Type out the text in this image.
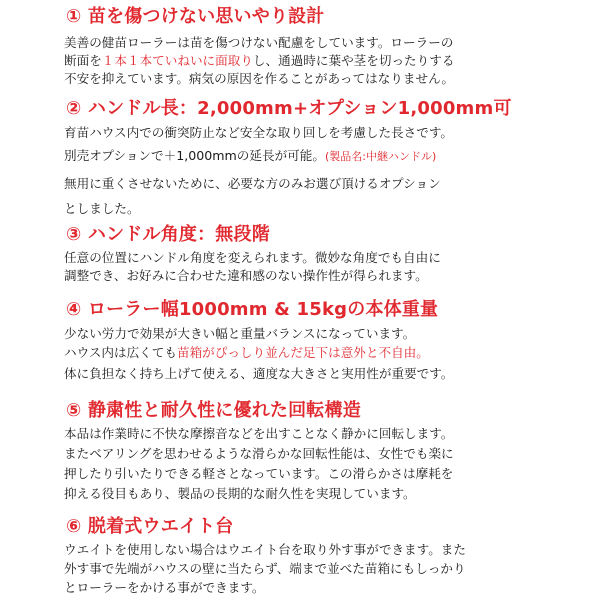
① 苗を傷つけない思いやり設計
美善の健苗ローラーは苗を傷つけない配慮をしています。ローラーの
断面を１本１本ていねいに面取りし、通過時に葉や茎を切ったりする
不安を抑えています。病気の原因を作ることがあってはなりません。
② ハンドル長：2,000mm+オプション1,000mm可
育苗ハウス内での衝突防止など安全な取り回しを考慮した長さです。
別売オプションで＋1,000mmの延長が可能。(製品名:中継ハンドル)
無用に重くさせないために、必要な方のみお選び頂けるオプション
としました。
③ ハンドル角度：無段階
任意の位置にハンドル角度を変えられます。微妙な角度でも自由に
調整でき、お好みに合わせた違和感のない操作性が得られます。
④ ローラー幅1000mm & 15kgの本体重量
少ない労力で効果が大きい幅と重量バランスになっています。
ハウス内は広くても苗箱がぴっしり並んだ足下は意外と不自由。
体に負担なく持ち上げて使える、適度な大きさと実用性が重要です。
⑤ 静粛性と耐久性に優れた回転構造
本品は作業時に不快な摩擦音などを出すことなく静かに回転します。
またベアリングを思わせるような滑らかな回転性能は、女性でも楽に
押したり引いたりできる軽さとなっています。この滑らかさは摩耗を
抑える役目もあり、製品の長期的な耐久性を実現しています。
⑥ 脱着式ウエイト台
ウエイトを使用しない場合はウエイト台を取り外す事ができます。また
外す事で先端がハウスの壁に当たらず、端まで並べた苗箱にもしっかり
とローラーをかける事ができます。
